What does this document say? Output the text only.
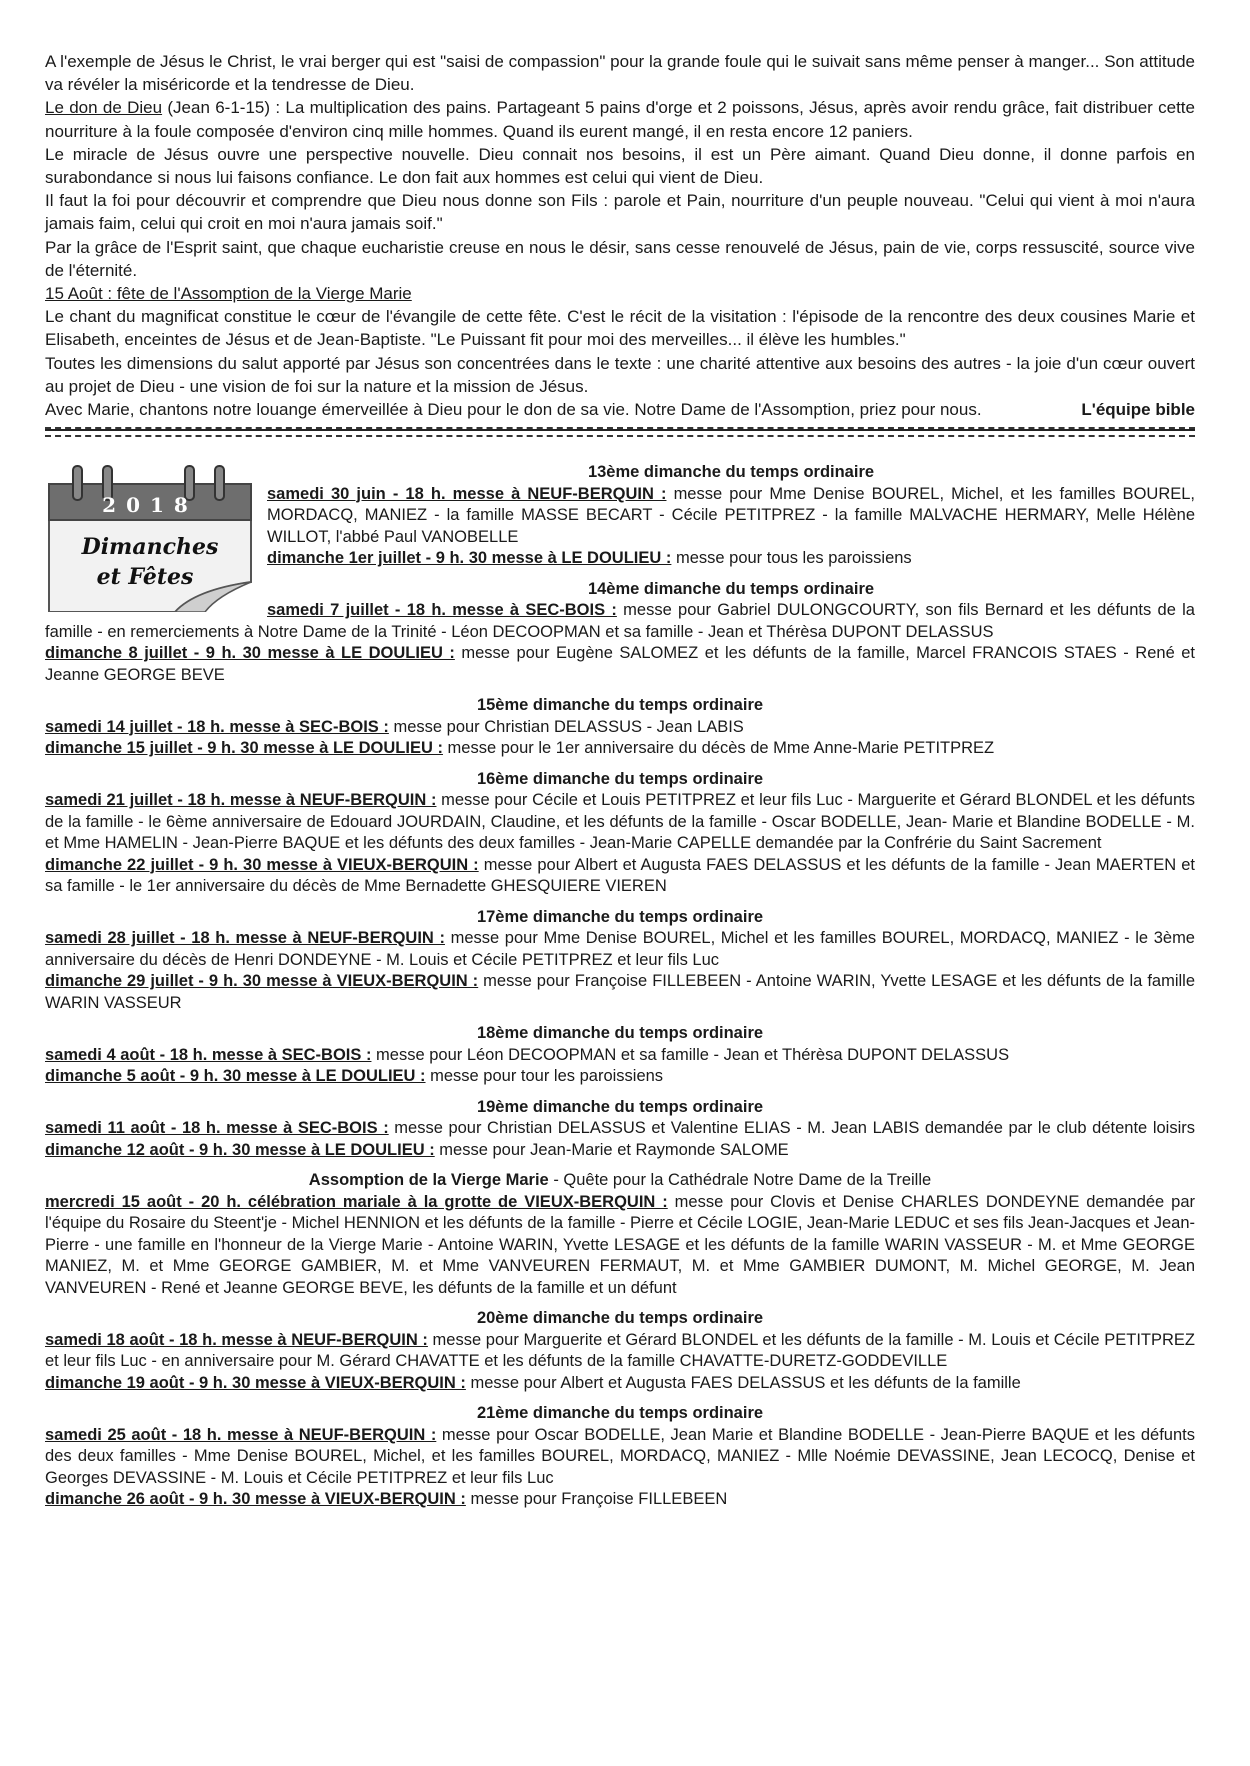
A l'exemple de Jésus le Christ, le vrai berger qui est "saisi de compassion" pour la grande foule qui le suivait sans même penser à manger... Son attitude va révéler la miséricorde et la tendresse de Dieu.

Le don de Dieu (Jean 6-1-15) : La multiplication des pains. Partageant 5 pains d'orge et 2 poissons, Jésus, après avoir rendu grâce, fait distribuer cette nourriture à la foule composée d'environ cinq mille hommes. Quand ils eurent mangé, il en resta encore 12 paniers.

Le miracle de Jésus ouvre une perspective nouvelle. Dieu connait nos besoins, il est un Père aimant. Quand Dieu donne, il donne parfois en surabondance si nous lui faisons confiance. Le don fait aux hommes est celui qui vient de Dieu.

Il faut la foi pour découvrir et comprendre que Dieu nous donne son Fils : parole et Pain, nourriture d'un peuple nouveau. "Celui qui vient à moi n'aura jamais faim, celui qui croit en moi n'aura jamais soif."

Par la grâce de l'Esprit saint, que chaque eucharistie creuse en nous le désir, sans cesse renouvelé de Jésus, pain de vie, corps ressuscité, source vive de l'éternité.

15 Août : fête de l'Assomption de la Vierge Marie

Le chant du magnificat constitue le cœur de l'évangile de cette fête. C'est le récit de la visitation : l'épisode de la rencontre des deux cousines Marie et Elisabeth, enceintes de Jésus et de Jean-Baptiste. "Le Puissant fit pour moi des merveilles... il élève les humbles."

Toutes les dimensions du salut apporté par Jésus son concentrées dans le texte : une charité attentive aux besoins des autres - la joie d'un cœur ouvert au projet de Dieu - une vision de foi sur la nature et la mission de Jésus.

Avec Marie, chantons notre louange émerveillée à Dieu pour le don de sa vie. Notre Dame de l'Assomption, priez pour nous.	L'équipe bible

2018
Dimanches
et Fêtes
13ème dimanche du temps ordinaire

samedi 30 juin - 18 h. messe à NEUF-BERQUIN : messe pour Mme Denise BOUREL, Michel, et les familles BOUREL, MORDACQ, MANIEZ - la famille MASSE BECART - Cécile PETITPREZ - la famille MALVACHE HERMARY, Melle Hélène WILLOT, l'abbé Paul VANOBELLE

dimanche 1er juillet - 9 h. 30 messe à LE DOULIEU : messe pour tous les paroissiens

14ème dimanche du temps ordinaire

samedi 7 juillet - 18 h. messe à SEC-BOIS : messe pour Gabriel DULONGCOURTY, son fils Bernard et les défunts de la famille - en remerciements à Notre Dame de la Trinité - Léon DECOOPMAN et sa famille - Jean et Thérèsa DUPONT DELASSUS

dimanche 8 juillet - 9 h. 30 messe à LE DOULIEU : messe pour Eugène SALOMEZ et les défunts de la famille, Marcel FRANCOIS STAES - René et Jeanne GEORGE BEVE

15ème dimanche du temps ordinaire

samedi 14 juillet - 18 h. messe à SEC-BOIS : messe pour Christian DELASSUS - Jean LABIS

dimanche 15 juillet - 9 h. 30 messe à LE DOULIEU : messe pour le 1er anniversaire du décès de Mme Anne-Marie PETITPREZ

16ème dimanche du temps ordinaire

samedi 21 juillet - 18 h. messe à NEUF-BERQUIN : messe pour Cécile et Louis PETITPREZ et leur fils Luc - Marguerite et Gérard BLONDEL et les défunts de la famille - le 6ème anniversaire de Edouard JOURDAIN, Claudine, et les défunts de la famille - Oscar BODELLE, Jean- Marie et Blandine BODELLE - M. et Mme HAMELIN - Jean-Pierre BAQUE et les défunts des deux familles - Jean-Marie CAPELLE demandée par la Confrérie du Saint Sacrement

dimanche 22 juillet - 9 h. 30 messe à VIEUX-BERQUIN : messe pour Albert et Augusta FAES DELASSUS et les défunts de la famille - Jean MAERTEN et sa famille - le 1er anniversaire du décès de Mme Bernadette GHESQUIERE VIEREN

17ème dimanche du temps ordinaire

samedi 28 juillet - 18 h. messe à NEUF-BERQUIN : messe pour Mme Denise BOUREL, Michel et les familles BOUREL, MORDACQ, MANIEZ - le 3ème anniversaire du décès de Henri DONDEYNE - M. Louis et Cécile PETITPREZ et leur fils Luc

dimanche 29 juillet - 9 h. 30 messe à VIEUX-BERQUIN : messe pour Françoise FILLEBEEN - Antoine WARIN, Yvette LESAGE et les défunts de la famille WARIN VASSEUR

18ème dimanche du temps ordinaire

samedi 4 août - 18 h. messe à SEC-BOIS : messe pour Léon DECOOPMAN et sa famille - Jean et Thérèsa DUPONT DELASSUS

dimanche 5 août - 9 h. 30 messe à LE DOULIEU : messe pour tour les paroissiens

19ème dimanche du temps ordinaire

samedi 11 août - 18 h. messe à SEC-BOIS : messe pour Christian DELASSUS et Valentine ELIAS - M. Jean LABIS demandée par le club détente loisirs dimanche 12 août - 9 h. 30 messe à LE DOULIEU : messe pour Jean-Marie et Raymonde SALOME

Assomption de la Vierge Marie - Quête pour la Cathédrale Notre Dame de la Treille

mercredi 15 août - 20 h. célébration mariale à la grotte de VIEUX-BERQUIN : messe pour Clovis et Denise CHARLES DONDEYNE demandée par l'équipe du Rosaire du Steent'je - Michel HENNION et les défunts de la famille - Pierre et Cécile LOGIE, Jean-Marie LEDUC et ses fils Jean-Jacques et Jean-Pierre - une famille en l'honneur de la Vierge Marie - Antoine WARIN, Yvette LESAGE et les défunts de la famille WARIN VASSEUR - M. et Mme GEORGE MANIEZ, M. et Mme GEORGE GAMBIER, M. et Mme VANVEUREN FERMAUT, M. et Mme GAMBIER DUMONT, M. Michel GEORGE, M. Jean VANVEUREN - René et Jeanne GEORGE BEVE, les défunts de la famille et un défunt

20ème dimanche du temps ordinaire

samedi 18 août - 18 h. messe à NEUF-BERQUIN : messe pour Marguerite et Gérard BLONDEL et les défunts de la famille - M. Louis et Cécile PETITPREZ et leur fils Luc - en anniversaire pour M. Gérard CHAVATTE et les défunts de la famille CHAVATTE-DURETZ-GODDEVILLE

dimanche 19 août - 9 h. 30 messe à VIEUX-BERQUIN : messe pour Albert et Augusta FAES DELASSUS et les défunts de la famille

21ème dimanche du temps ordinaire

samedi 25 août - 18 h. messe à NEUF-BERQUIN : messe pour Oscar BODELLE, Jean Marie et Blandine BODELLE - Jean-Pierre BAQUE et les défunts des deux familles - Mme Denise BOUREL, Michel, et les familles BOUREL, MORDACQ, MANIEZ - Mlle Noémie DEVASSINE, Jean LECOCQ, Denise et Georges DEVASSINE - M. Louis et Cécile PETITPREZ et leur fils Luc

dimanche 26 août - 9 h. 30 messe à VIEUX-BERQUIN : messe pour Françoise FILLEBEEN
